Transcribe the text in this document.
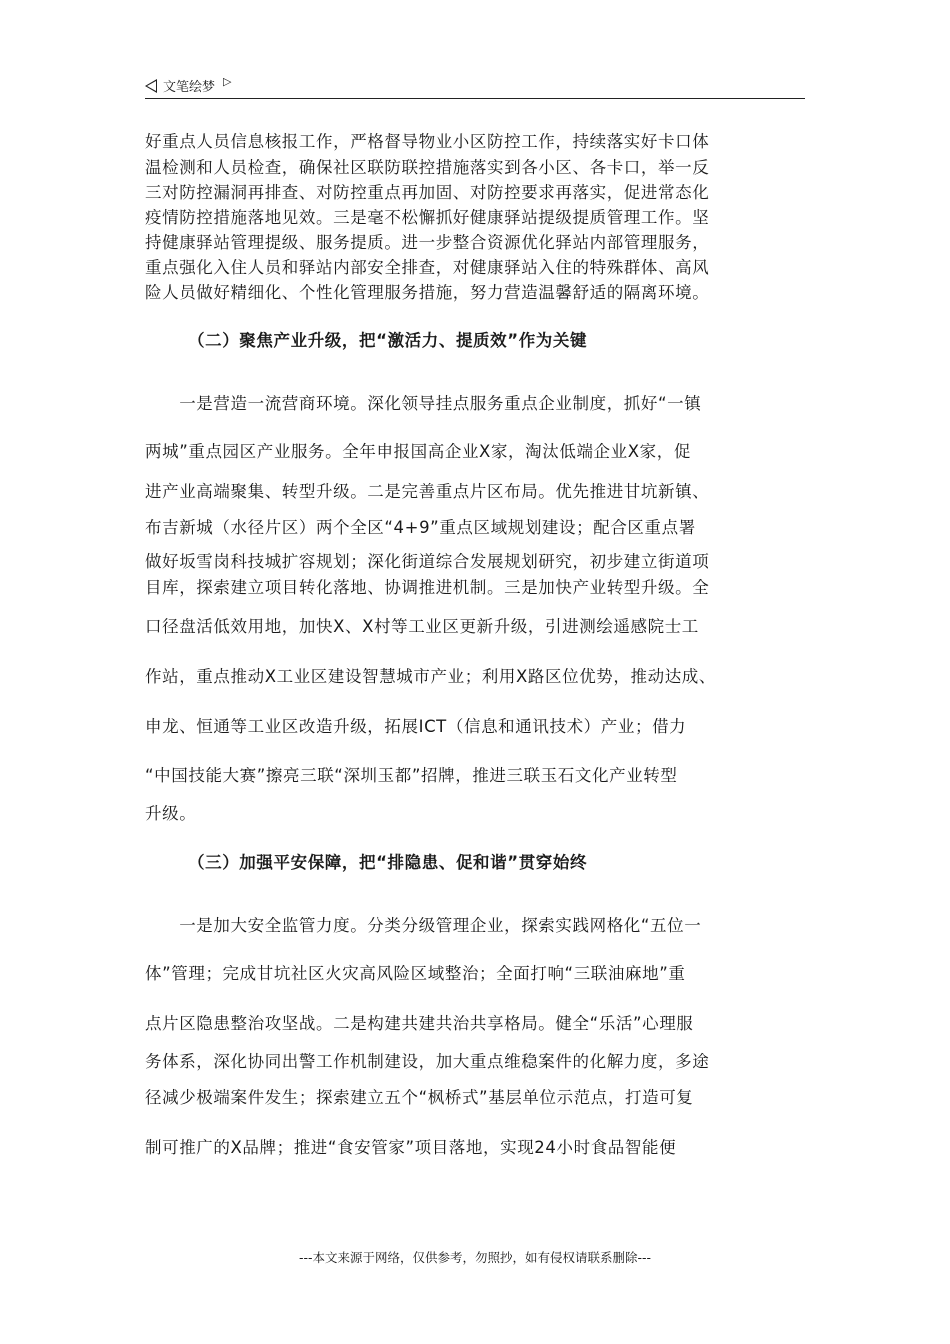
文笔绘梦 ▷
好重点人员信息核报工作，严格督导物业小区防控工作，持续落实好卡口体
温检测和人员检查，确保社区联防联控措施落实到各小区、各卡口，举一反
三对防控漏洞再排查、对防控重点再加固、对防控要求再落实，促进常态化
疫情防控措施落地见效。三是毫不松懈抓好健康驿站提级提质管理工作。坚
持健康驿站管理提级、服务提质。进一步整合资源优化驿站内部管理服务，
重点强化入住人员和驿站内部安全排查，对健康驿站入住的特殊群体、高风
险人员做好精细化、个性化管理服务措施，努力营造温馨舒适的隔离环境。
（二）聚焦产业升级，把“激活力、提质效”作为关键
　　一是营造一流营商环境。深化领导挂点服务重点企业制度，抓好“一镇
两城”重点园区产业服务。全年申报国高企业X家，淘汰低端企业X家，促
进产业高端聚集、转型升级。二是完善重点片区布局。优先推进甘坑新镇、
布吉新城（水径片区）两个全区“4+9”重点区域规划建设；配合区重点署
做好坂雪岗科技城扩容规划；深化街道综合发展规划研究，初步建立街道项
目库，探索建立项目转化落地、协调推进机制。三是加快产业转型升级。全
口径盘活低效用地，加快X、X村等工业区更新升级，引进测绘遥感院士工
作站，重点推动X工业区建设智慧城市产业；利用X路区位优势，推动达成、
申龙、恒通等工业区改造升级，拓展ICT（信息和通讯技术）产业；借力
“中国技能大赛”擦亮三联“深圳玉都”招牌，推进三联玉石文化产业转型
升级。
（三）加强平安保障，把“排隐患、促和谐”贯穿始终
　　一是加大安全监管力度。分类分级管理企业，探索实践网格化“五位一
体”管理；完成甘坑社区火灾高风险区域整治；全面打响“三联油麻地”重
点片区隐患整治攻坚战。二是构建共建共治共享格局。健全“乐活”心理服
务体系，深化协同出警工作机制建设，加大重点维稳案件的化解力度，多途
径减少极端案件发生；探索建立五个“枫桥式”基层单位示范点，打造可复
制可推广的X品牌；推进“食安管家”项目落地，实现24小时食品智能便
---本文来源于网络，仅供参考，勿照抄，如有侵权请联系删除---
